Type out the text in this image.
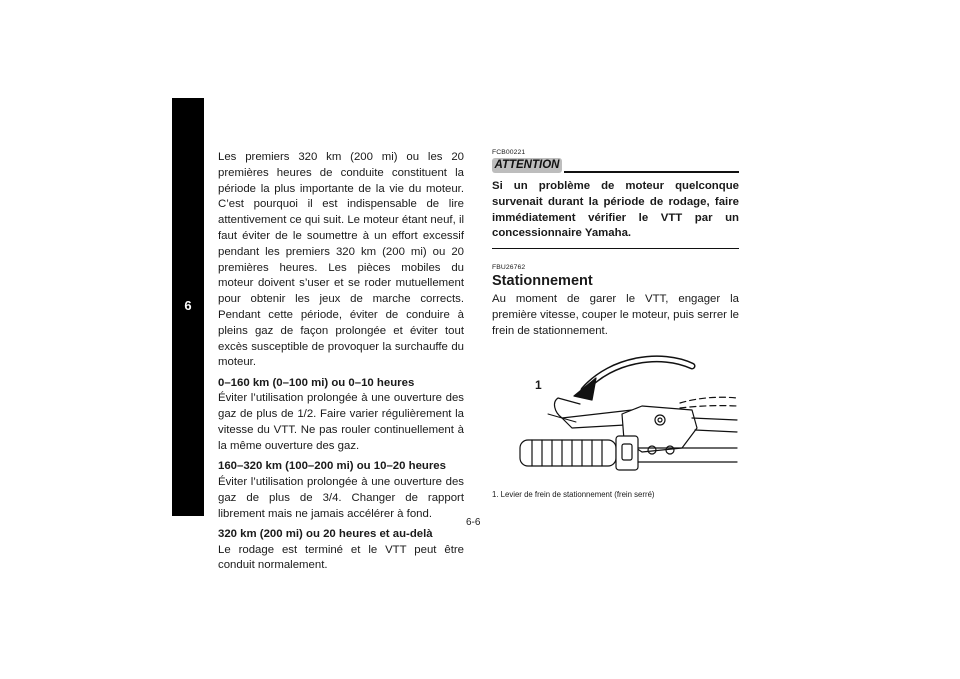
6

Les premiers 320 km (200 mi) ou les 20 premières heures de conduite constituent la période la plus importante de la vie du moteur. C’est pourquoi il est indispensable de lire attentivement ce qui suit. Le moteur étant neuf, il faut éviter de le soumettre à un effort excessif pendant les premiers 320 km (200 mi) ou 20 premières heures. Les pièces mobiles du moteur doivent s’user et se roder mutuellement pour obtenir les jeux de marche corrects. Pendant cette période, éviter de conduire à pleins gaz de façon prolongée et éviter tout excès susceptible de provoquer la surchauffe du moteur.

0–160 km (0–100 mi) ou 0–10 heures

Éviter l’utilisation prolongée à une ouverture des gaz de plus de 1/2. Faire varier régulièrement la vitesse du VTT. Ne pas rouler continuellement à la même ouverture des gaz.

160–320 km (100–200 mi) ou 10–20 heures

Éviter l’utilisation prolongée à une ouverture des gaz de plus de 3/4. Changer de rapport librement mais ne jamais accélérer à fond.

320 km (200 mi) ou 20 heures et au-delà

Le rodage est terminé et le VTT peut être conduit normalement.

FCB00221
ATTENTION
Si un problème de moteur quelconque survenait durant la période de rodage, faire immédiatement vérifier le VTT par un concessionnaire Yamaha.
FBU26762
Stationnement
Au moment de garer le VTT, engager la première vitesse, couper le moteur, puis serrer le frein de stationnement.
1
1. Levier de frein de stationnement (frein serré)
6-6
